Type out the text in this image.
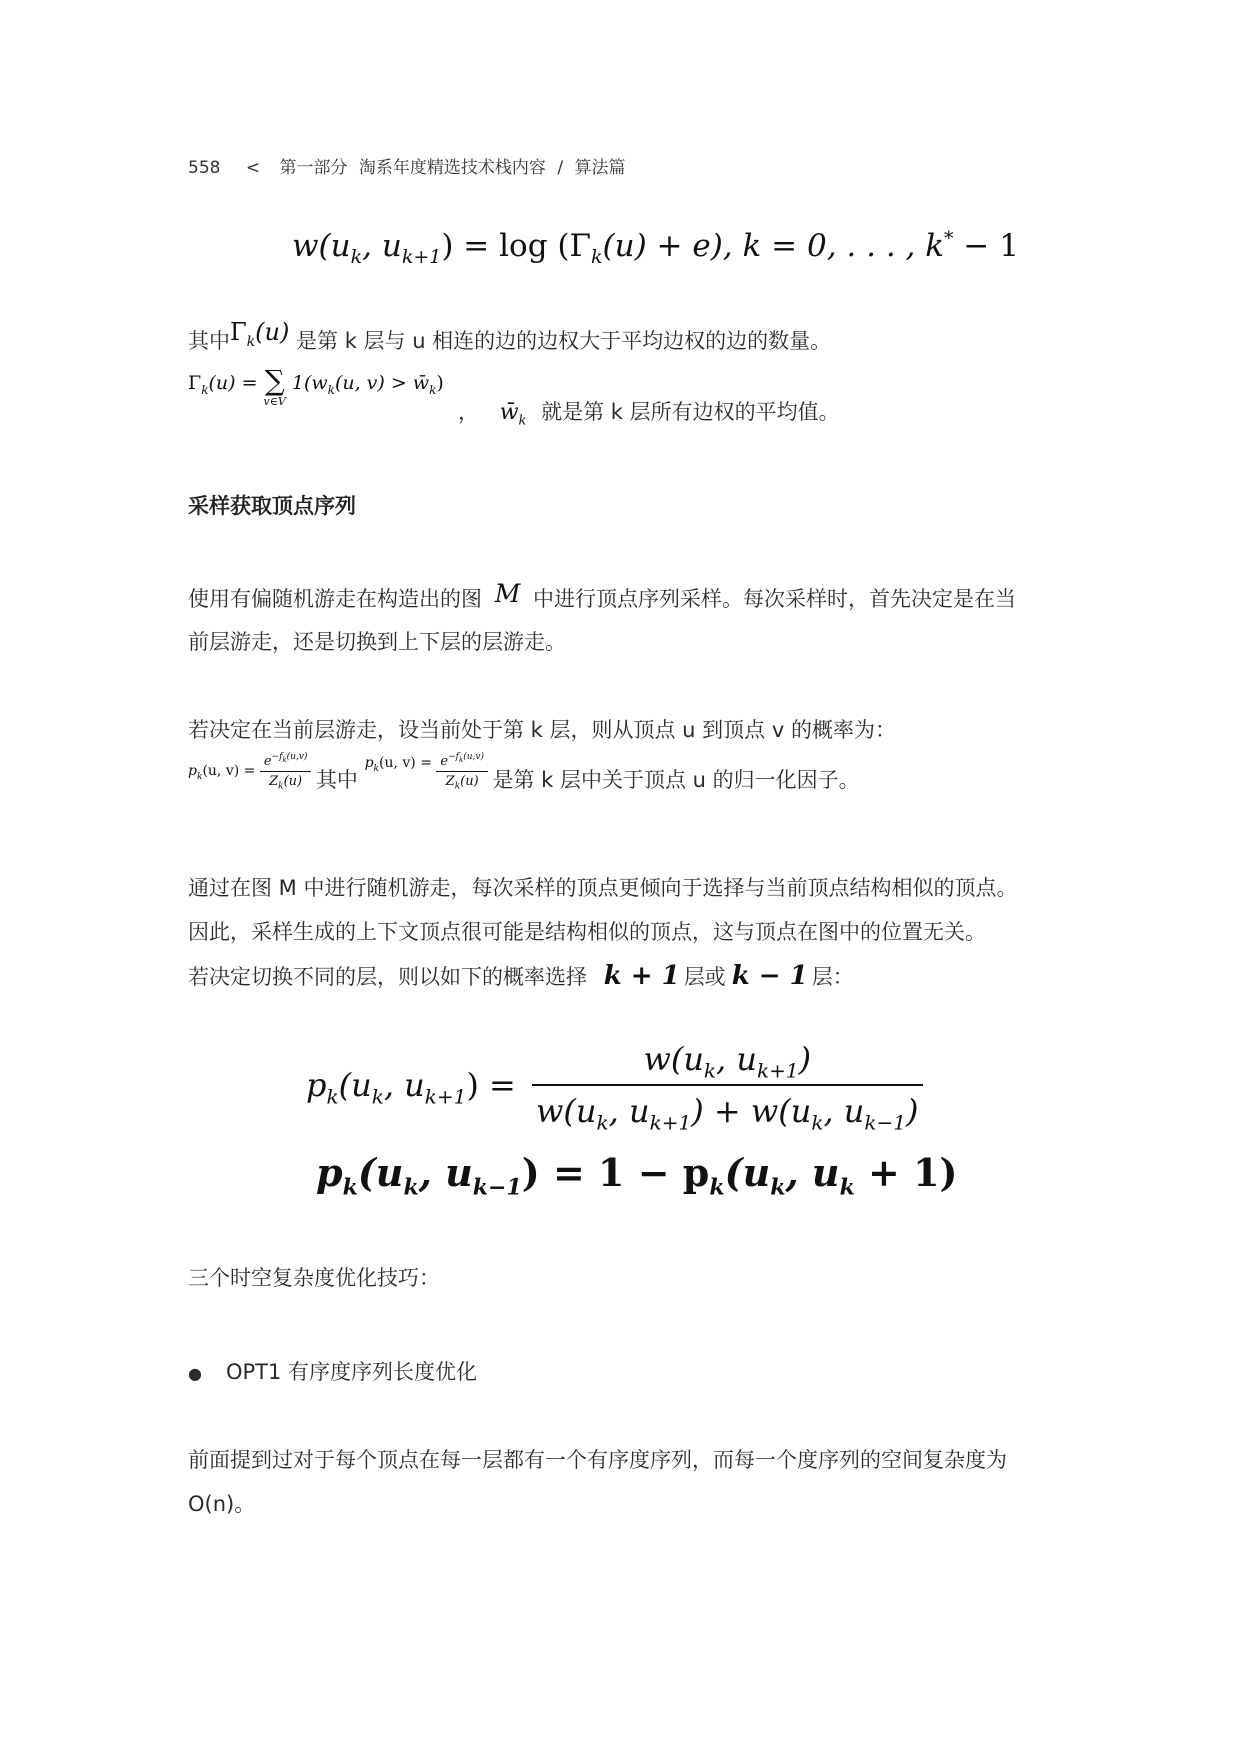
558 < 第一部分 淘系年度精选技术栈内容 / 算法篇
$w(u_k$, $u_{k+1}) = \log (\Gamma_k(u) + e)$, k = 0, . . . , k* − 1
其中$\Gamma_k(u)$ 是第 k 层与 u 相连的边的边权大于平均边权的边的数量。
$\Gamma_k(u)$ = ∑
v∈V
$1(w_k(u$, $v) > w̄_k$)
， $w̄_k$ 就是第 k 层所有边权的平均值。
采样获取顶点序列
使用有偏随机游走在构造出的图 M 中进行顶点序列采样。每次采样时，首先决定是在当
前层游走，还是切换到上下层的层游走。
若决定在当前层游走，设当前处于第 k 层，则从顶点 u 到顶点 v 的概率为：
$p_k(u$, $v) = \frac{e^{-f_k(u,v)}}{Z_k(u)}$ 其中 $^{p_k(u, v) = \frac{e^{-f_k(u,v)}}{Z_k(u)}}$ 是第 k 层中关于顶点 u 的归一化因子。
通过在图 M 中进行随机游走，每次采样的顶点更倾向于选择与当前顶点结构相似的顶点。
因此，采样生成的上下文顶点很可能是结构相似的顶点，这与顶点在图中的位置无关。
若决定切换不同的层，则以如下的概率选择 k + 1 层或 k − 1 层：
$p_k(u_k$, $u_{k+1}) = \frac{w(u_k, u_{k+1})}{w(u_k, u_{k+1}) + w(u_k, u_{k-1})}$
$p_k(u_k$, $u_{k-1}) = 1 - p_k(u_k$, $u_k + 1$)
三个时空复杂度优化技巧：
● OPT1 有序度序列长度优化
前面提到过对于每个顶点在每一层都有一个有序度序列，而每一个度序列的空间复杂度为
O(n)。
